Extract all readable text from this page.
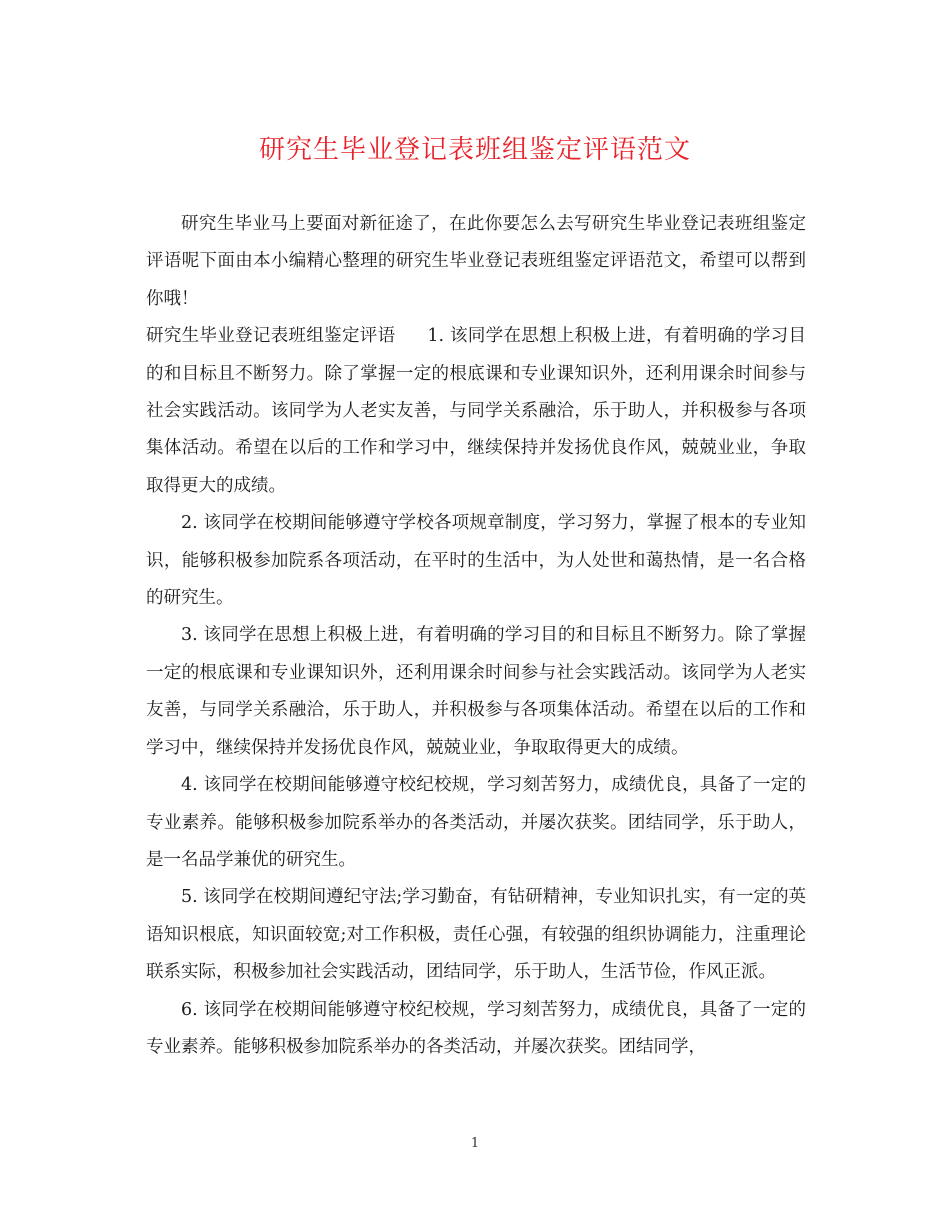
研究生毕业登记表班组鉴定评语范文

研究生毕业马上要面对新征途了，在此你要怎么去写研究生毕业登记表班组鉴定评语呢下面由本小编精心整理的研究生毕业登记表班组鉴定评语范文，希望可以帮到你哦！

研究生毕业登记表班组鉴定评语 1. 该同学在思想上积极上进，有着明确的学习目的和目标且不断努力。除了掌握一定的根底课和专业课知识外，还利用课余时间参与社会实践活动。该同学为人老实友善，与同学关系融洽，乐于助人，并积极参与各项集体活动。希望在以后的工作和学习中，继续保持并发扬优良作风，兢兢业业，争取取得更大的成绩。

2. 该同学在校期间能够遵守学校各项规章制度，学习努力，掌握了根本的专业知识，能够积极参加院系各项活动，在平时的生活中，为人处世和蔼热情，是一名合格的研究生。

3. 该同学在思想上积极上进，有着明确的学习目的和目标且不断努力。除了掌握一定的根底课和专业课知识外，还利用课余时间参与社会实践活动。该同学为人老实友善，与同学关系融洽，乐于助人，并积极参与各项集体活动。希望在以后的工作和学习中，继续保持并发扬优良作风，兢兢业业，争取取得更大的成绩。

4. 该同学在校期间能够遵守校纪校规，学习刻苦努力，成绩优良，具备了一定的专业素养。能够积极参加院系举办的各类活动，并屡次获奖。团结同学，乐于助人，是一名品学兼优的研究生。

5. 该同学在校期间遵纪守法;学习勤奋，有钻研精神，专业知识扎实，有一定的英语知识根底，知识面较宽;对工作积极，责任心强，有较强的组织协调能力，注重理论联系实际，积极参加社会实践活动，团结同学，乐于助人，生活节俭，作风正派。

6. 该同学在校期间能够遵守校纪校规，学习刻苦努力，成绩优良，具备了一定的专业素养。能够积极参加院系举办的各类活动，并屡次获奖。团结同学，

1
